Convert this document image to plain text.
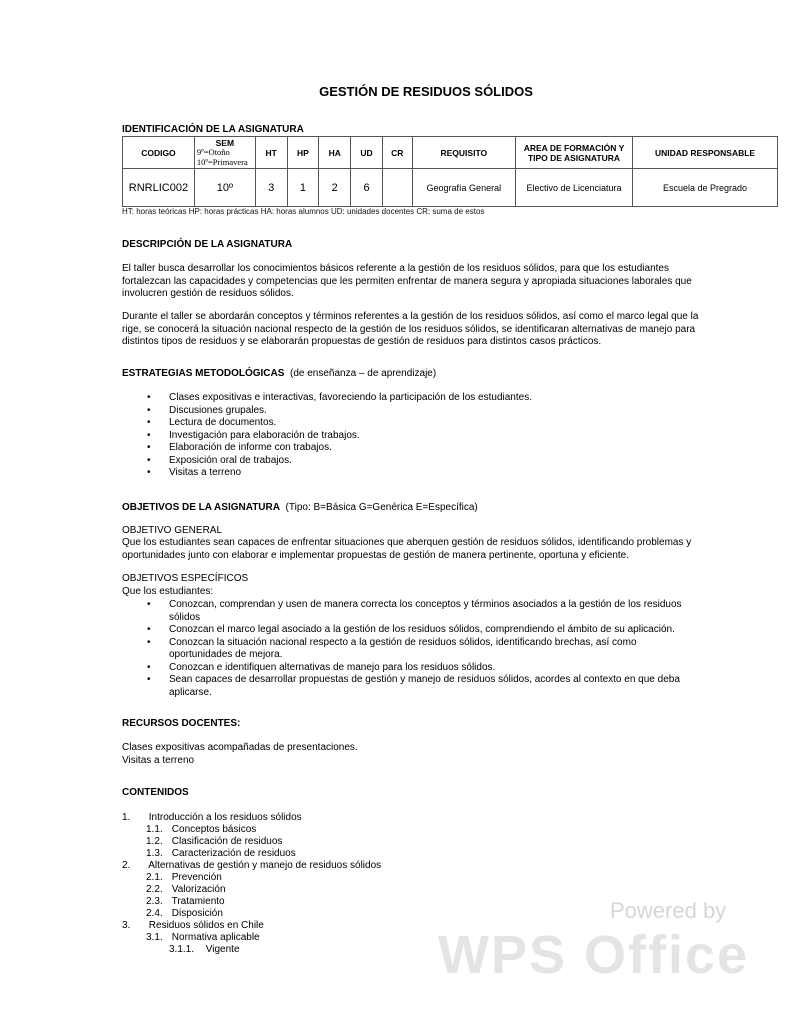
GESTIÓN DE RESIDUOS SÓLIDOS
IDENTIFICACIÓN DE LA ASIGNATURA
CODIGO	SEM
9º=Otoño
10º=Primavera	HT	HP	HA	UD	CR	REQUISITO	AREA DE FORMACIÓN Y TIPO DE ASIGNATURA	UNIDAD RESPONSABLE
RNRLIC002	10º	3	1	2	6		Geografía General	Electivo de Licenciatura	Escuela de Pregrado
HT: horas teóricas HP: horas prácticas HA: horas alumnos UD: unidades docentes CR: suma de estos
DESCRIPCIÓN DE LA ASIGNATURA
El taller busca desarrollar los conocimientos básicos referente a la gestión de los residuos sólidos, para que los estudiantes
fortalezcan las capacidades y competencias que les permiten enfrentar de manera segura y apropiada situaciones laborales que
involucren gestión de residuos sólidos.
Durante el taller se abordarán conceptos y términos referentes a la gestión de los residuos sólidos, así como el marco legal que la
rige, se conocerá la situación nacional respecto de la gestión de los residuos sólidos, se identificaran alternativas de manejo para
distintos tipos de residuos y se elaborarán propuestas de gestión de residuos para distintos casos prácticos.
ESTRATEGIAS METODOLÓGICAS (de enseñanza – de aprendizaje)
• Clases expositivas e interactivas, favoreciendo la participación de los estudiantes.
• Discusiones grupales.
• Lectura de documentos.
• Investigación para elaboración de trabajos.
• Elaboración de informe con trabajos.
• Exposición oral de trabajos.
• Visitas a terreno
OBJETIVOS DE LA ASIGNATURA (Tipo: B=Básica G=Genérica E=Específica)
OBJETIVO GENERAL
Que los estudiantes sean capaces de enfrentar situaciones que aberquen gestión de residuos sólidos, identificando problemas y
oportunidades junto con elaborar e implementar propuestas de gestión de manera pertinente, oportuna y eficiente.
OBJETIVOS ESPECÍFICOS
Que los estudiantes:
• Conozcan, comprendan y usen de manera correcta los conceptos y términos asociados a la gestión de los residuos
sólidos
• Conozcan el marco legal asociado a la gestión de los residuos sólidos, comprendiendo el ámbito de su aplicación.
• Conozcan la situación nacional respecto a la gestión de residuos sólidos, identificando brechas, así como
oportunidades de mejora.
• Conozcan e identifiquen alternativas de manejo para los residuos sólidos.
• Sean capaces de desarrollar propuestas de gestión y manejo de residuos sólidos, acordes al contexto en que deba
aplicarse.
RECURSOS DOCENTES:
Clases expositivas acompañadas de presentaciones.
Visitas a terreno
CONTENIDOS
1. Introducción a los residuos sólidos
1.1. Conceptos básicos
1.2. Clasificación de residuos
1.3. Caracterización de residuos
2. Alternativas de gestión y manejo de residuos sólidos
2.1. Prevención
2.2. Valorización
2.3. Tratamiento
2.4. Disposición
3. Residuos sólidos en Chile
3.1. Normativa aplicable
3.1.1. Vigente
Powered by
WPS Office
